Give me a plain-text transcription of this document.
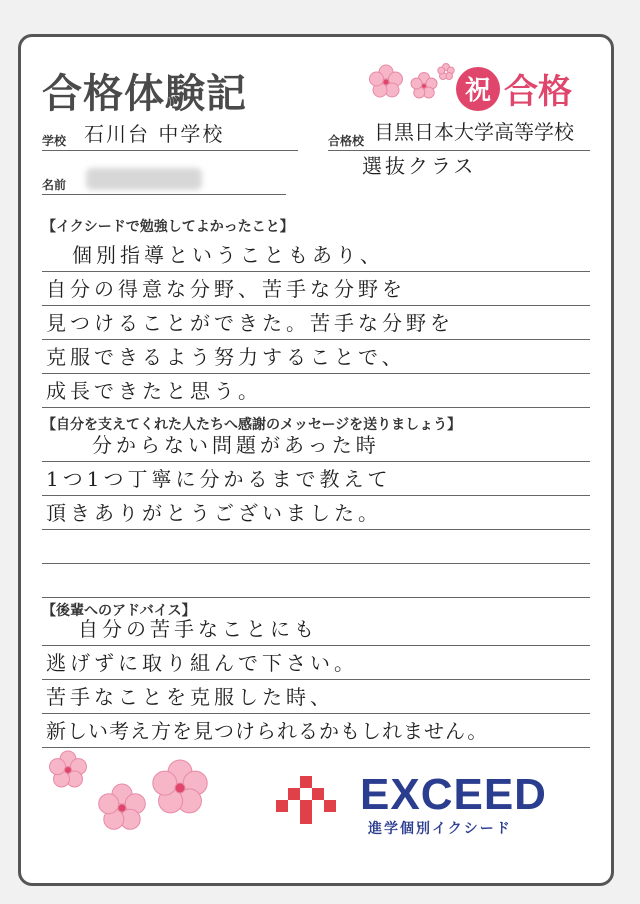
合格体験記	祝 合格
学校 石川台 中学校	合格校 目黒日本大学高等学校
選抜クラス
名前
【イクシードで勉強してよかったこと】
個別指導ということもあり、
自分の得意な分野、苦手な分野を
見つけることができた。苦手な分野を
克服できるよう努力することで、
成長できたと思う。
【自分を支えてくれた人たちへ感謝のメッセージを送りましょう】
分からない問題があった時
1つ1つ丁寧に分かるまで教えて
頂きありがとうございました。
【後輩へのアドバイス】
自分の苦手なことにも
逃げずに取り組んで下さい。
苦手なことを克服した時、
新しい考え方を見つけられるかもしれません。
EXCEED
進学個別イクシード
